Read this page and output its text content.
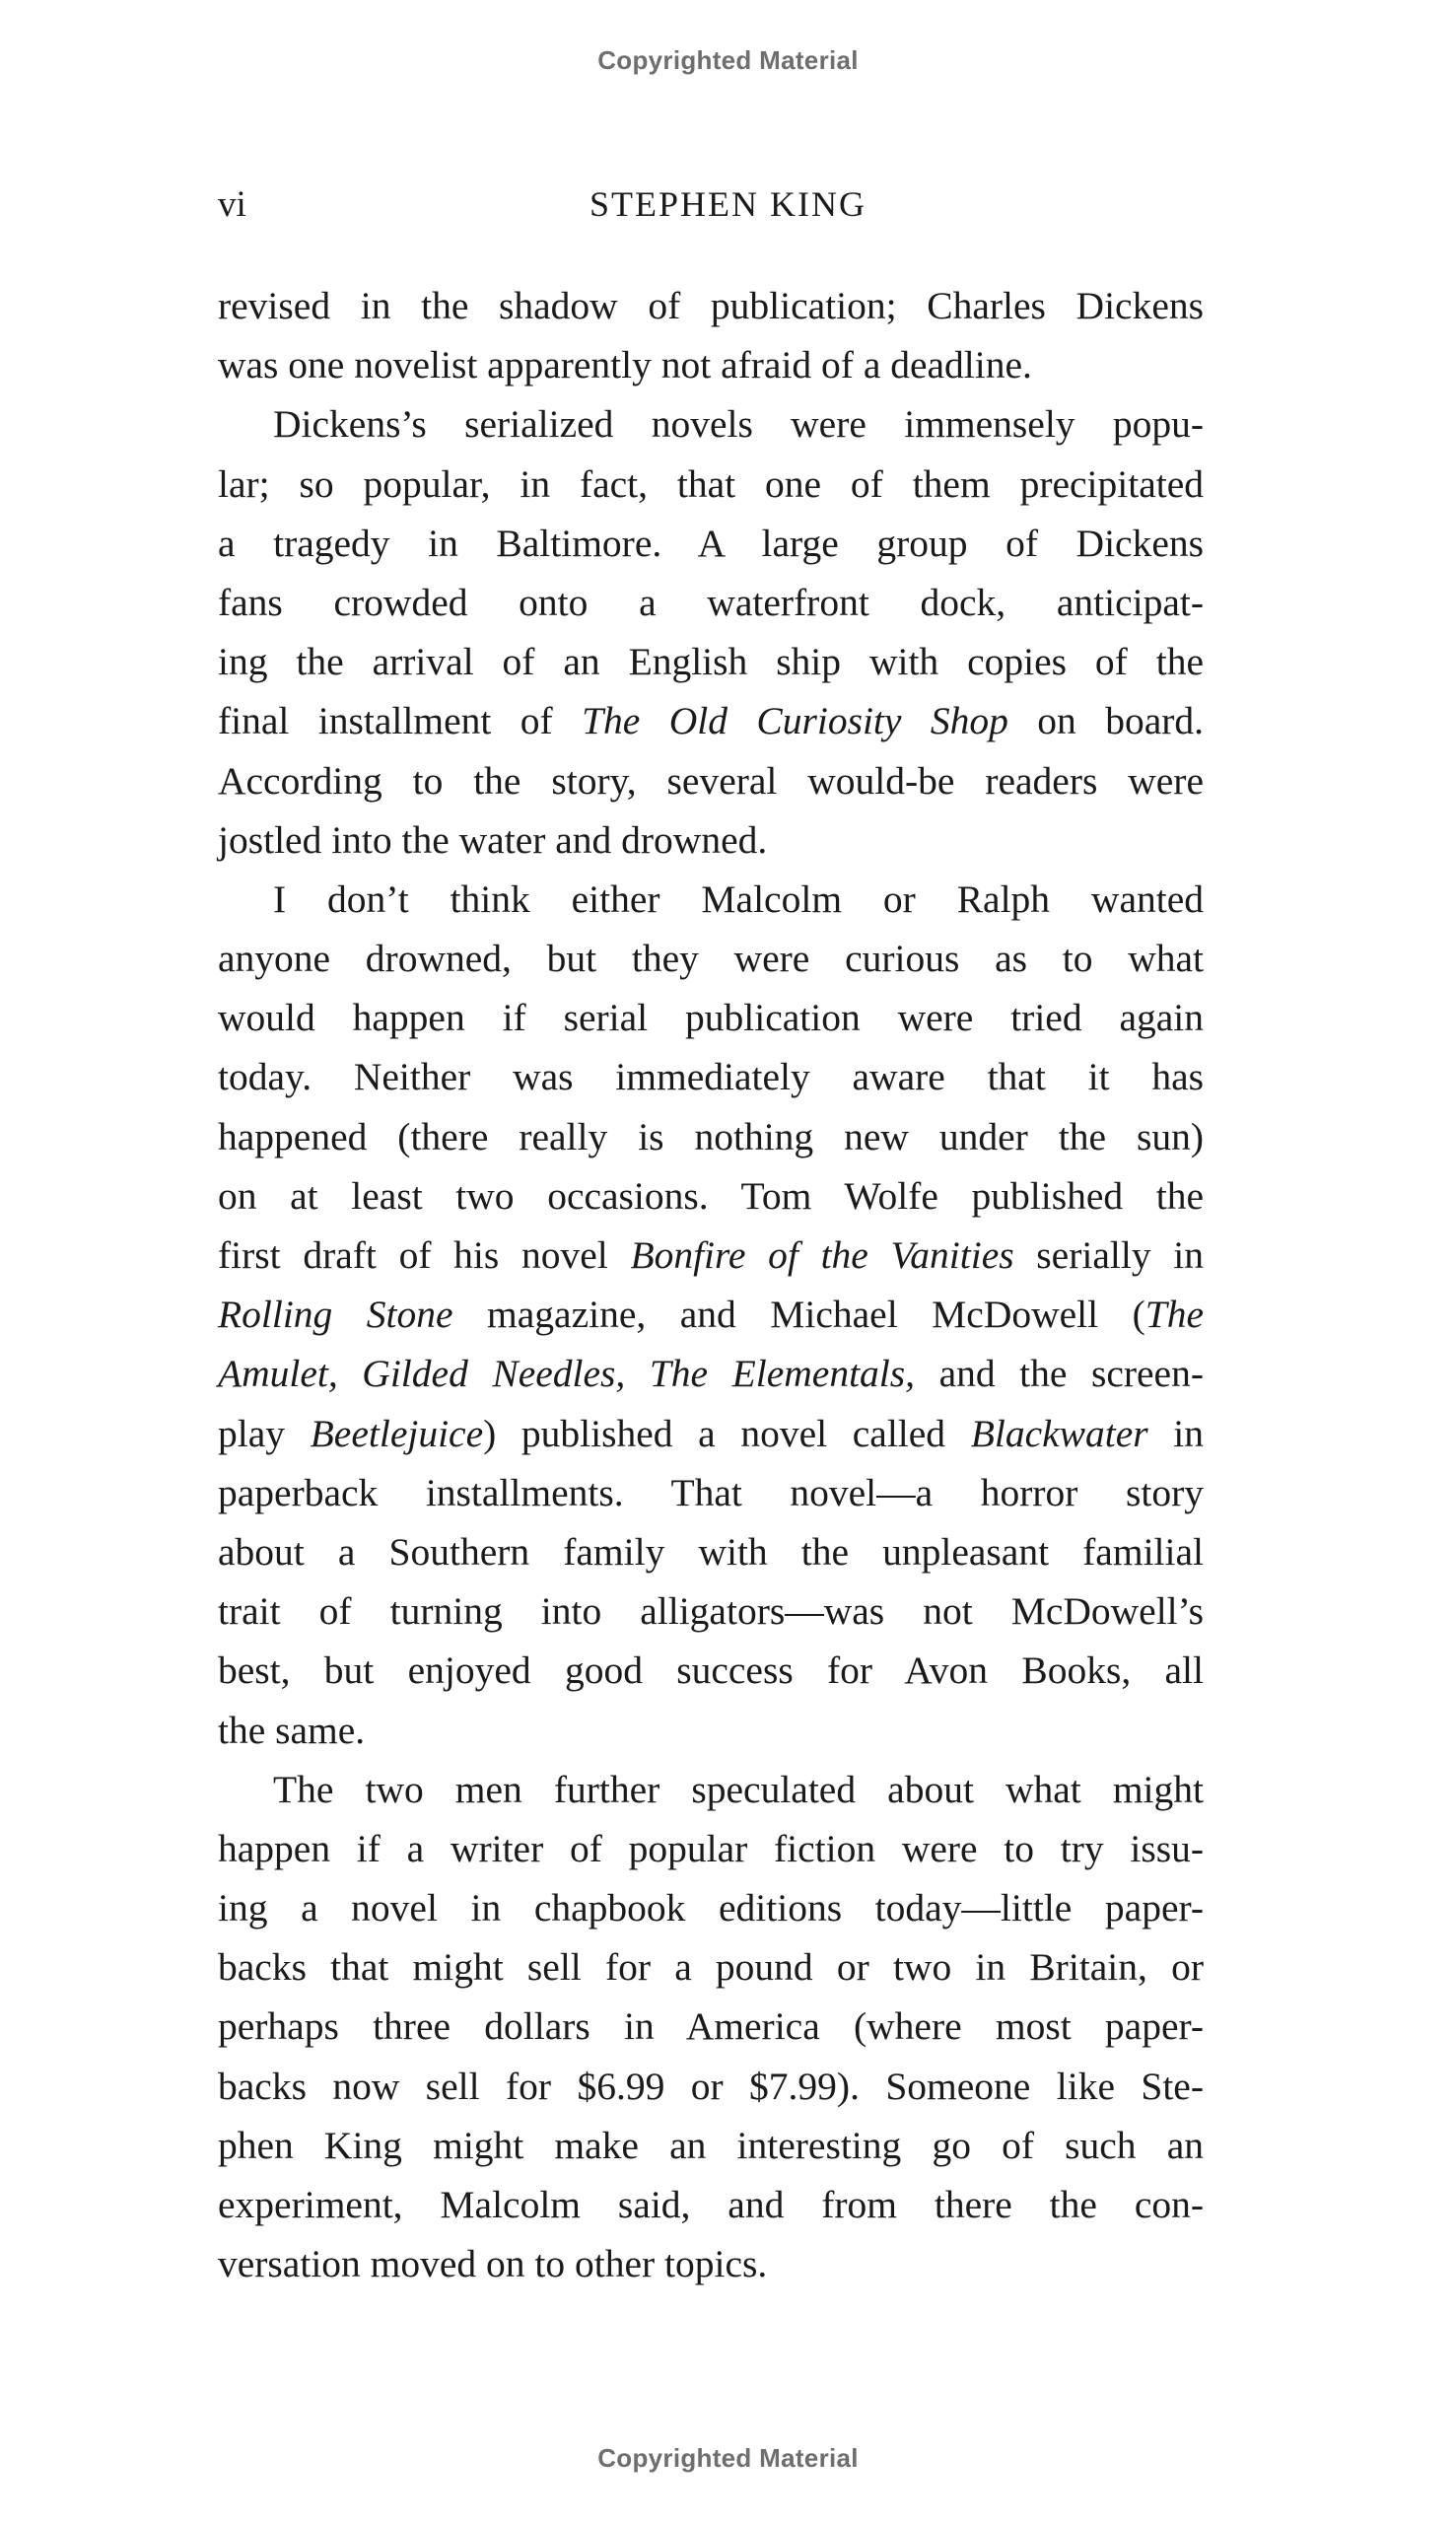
Copyrighted Material
vi	STEPHEN KING
revised in the shadow of publication; Charles Dickens
was one novelist apparently not afraid of a deadline.
Dickens’s serialized novels were immensely popu-
lar; so popular, in fact, that one of them precipitated
a tragedy in Baltimore. A large group of Dickens
fans crowded onto a waterfront dock, anticipat-
ing the arrival of an English ship with copies of the
final installment of The Old Curiosity Shop on board.
According to the story, several would-be readers were
jostled into the water and drowned.
I don’t think either Malcolm or Ralph wanted
anyone drowned, but they were curious as to what
would happen if serial publication were tried again
today. Neither was immediately aware that it has
happened (there really is nothing new under the sun)
on at least two occasions. Tom Wolfe published the
first draft of his novel Bonfire of the Vanities serially in
Rolling Stone magazine, and Michael McDowell (The
Amulet, Gilded Needles, The Elementals, and the screen-
play Beetlejuice) published a novel called Blackwater in
paperback installments. That novel—a horror story
about a Southern family with the unpleasant familial
trait of turning into alligators—was not McDowell’s
best, but enjoyed good success for Avon Books, all
the same.
The two men further speculated about what might
happen if a writer of popular fiction were to try issu-
ing a novel in chapbook editions today—little paper-
backs that might sell for a pound or two in Britain, or
perhaps three dollars in America (where most paper-
backs now sell for $6.99 or $7.99). Someone like Ste-
phen King might make an interesting go of such an
experiment, Malcolm said, and from there the con-
versation moved on to other topics.
Copyrighted Material
